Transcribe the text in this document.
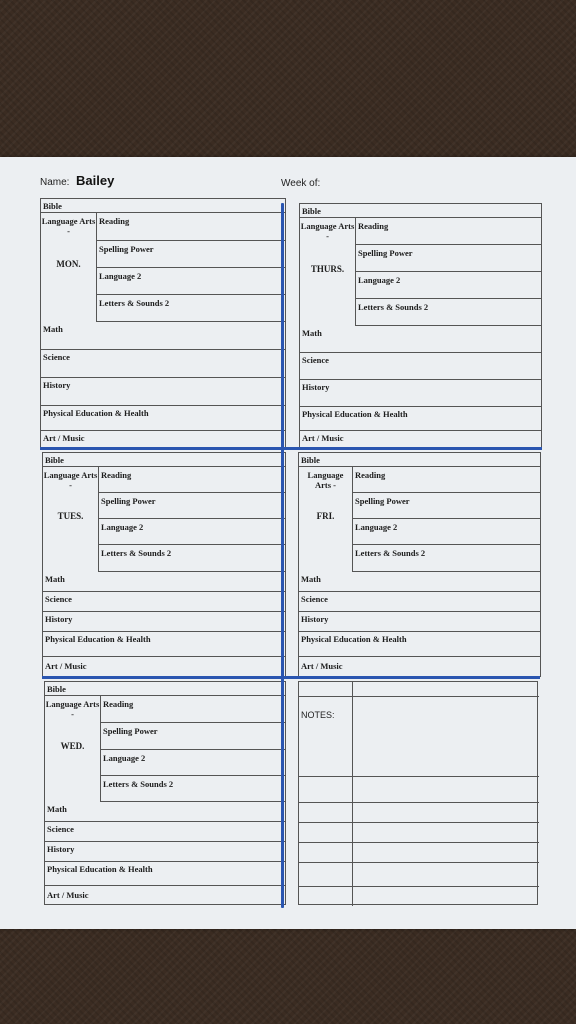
Name: Bailey	Week of:
Bible
Language Arts -
MON.
Reading
Spelling Power
Language 2
Letters & Sounds 2
Math
Science
History
Physical Education & Health
Art / Music
Bible
Language Arts -
THURS.
Reading
Spelling Power
Language 2
Letters & Sounds 2
Math
Science
History
Physical Education & Health
Art / Music
Bible
Language Arts -
TUES.
Reading
Spelling Power
Language 2
Letters & Sounds 2
Math
Science
History
Physical Education & Health
Art / Music
Bible
Language Arts -
FRI.
Reading
Spelling Power
Language 2
Letters & Sounds 2
Math
Science
History
Physical Education & Health
Art / Music
Bible
Language Arts -
WED.
Reading
Spelling Power
Language 2
Letters & Sounds 2
Math
Science
History
Physical Education & Health
Art / Music
NOTES:
